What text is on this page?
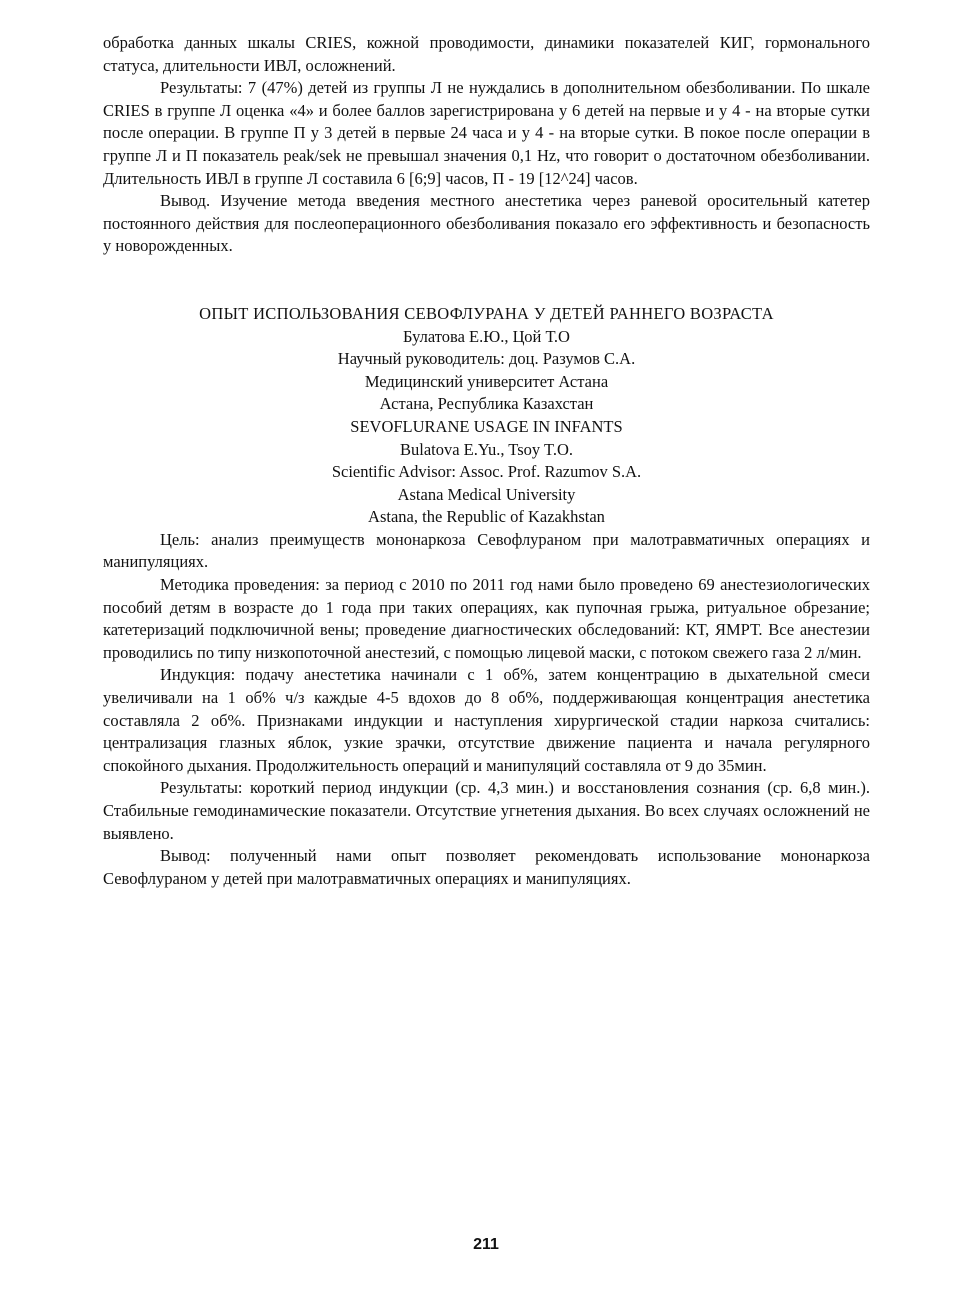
обработка данных шкалы CRIES, кожной проводимости, динамики показателей КИГ, гормонального статуса, длительности ИВЛ, осложнений.

Результаты: 7 (47%) детей из группы Л не нуждались в дополнительном обезболивании. По шкале CRIES в группе Л оценка «4» и более баллов зарегистрирована у 6 детей на первые и у 4 - на вторые сутки после операции. В группе П у 3 детей в первые 24 часа и у 4 - на вторые сутки. В покое после операции в группе Л и П показатель peak/sek не превышал значения 0,1 Hz, что говорит о достаточном обезболивании. Длительность ИВЛ в группе Л составила 6 [6;9] часов, П - 19 [12^24] часов.

Вывод. Изучение метода введения местного анестетика через раневой оросительный катетер постоянного действия для послеоперационного обезболивания показало его эффективность и безопасность у новорожденных.

ОПЫТ ИСПОЛЬЗОВАНИЯ СЕВОФЛУРАНА У ДЕТЕЙ РАННЕГО ВОЗРАСТА

Булатова Е.Ю., Цой Т.О

Научный руководитель: доц. Разумов С.А.

Медицинский университет Астана

Астана, Республика Казахстан

SEVOFLURANE USAGE IN INFANTS

Bulatova E.Yu., Tsoy T.O.

Scientific Advisor: Assoc. Prof. Razumov S.A.

Astana Medical University

Astana, the Republic of Kazakhstan

Цель: анализ преимуществ мононаркоза Севофлураном при малотравматичных операциях и манипуляциях.

Методика проведения: за период с 2010 по 2011 год нами было проведено 69 анестезиологических пособий детям в возрасте до 1 года при таких операциях, как пупочная грыжа, ритуальное обрезание; катетеризаций подключичной вены; проведение диагностических обследований: КТ, ЯМРТ. Все анестезии проводились по типу низкопоточной анестезий, с помощью лицевой маски, с потоком свежего газа 2 л/мин.

Индукция: подачу анестетика начинали с 1 об%, затем концентрацию в дыхательной смеси увеличивали на 1 об% ч/з каждые 4-5 вдохов до 8 об%, поддерживающая концентрация анестетика составляла 2 об%. Признаками индукции и наступления хирургической стадии наркоза считались: централизация глазных яблок, узкие зрачки, отсутствие движение пациента и начала регулярного спокойного дыхания. Продолжительность операций и манипуляций составляла от 9 до 35мин.

Результаты: короткий период индукции (ср. 4,3 мин.) и восстановления сознания (ср. 6,8 мин.). Стабильные гемодинамические показатели. Отсутствие угнетения дыхания. Во всех случаях осложнений не выявлено.

Вывод: полученный нами опыт позволяет рекомендовать использование мононаркоза Севофлураном у детей при малотравматичных операциях и манипуляциях.

211
